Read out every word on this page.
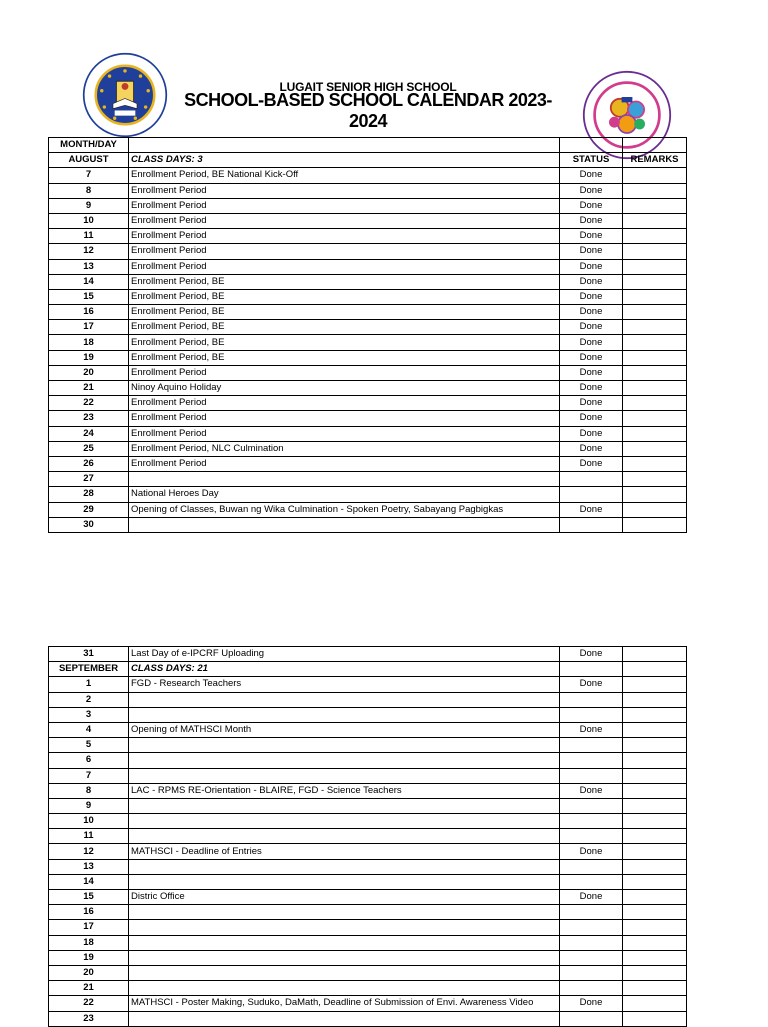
LUGAIT SENIOR HIGH SCHOOL
SCHOOL-BASED SCHOOL CALENDAR 2023-2024
MONTH/DAY			
AUGUST	CLASS DAYS: 3	STATUS	REMARKS
7	Enrollment Period, BE National Kick-Off	Done	
8	Enrollment Period	Done	
9	Enrollment Period	Done	
10	Enrollment Period	Done	
11	Enrollment Period	Done	
12	Enrollment Period	Done	
13	Enrollment Period	Done	
14	Enrollment Period, BE	Done	
15	Enrollment Period, BE	Done	
16	Enrollment Period, BE	Done	
17	Enrollment Period, BE	Done	
18	Enrollment Period, BE	Done	
19	Enrollment Period, BE	Done	
20	Enrollment Period	Done	
21	Ninoy Aquino Holiday	Done	
22	Enrollment Period	Done	
23	Enrollment Period	Done	
24	Enrollment Period	Done	
25	Enrollment Period, NLC Culmination	Done	
26	Enrollment Period	Done	
27			
28	National Heroes Day		
29	Opening of Classes, Buwan ng Wika Culmination - Spoken Poetry, Sabayang Pagbigkas	Done	
30			
31	Last Day of e-IPCRF Uploading	Done	
SEPTEMBER	CLASS DAYS: 21		
1	FGD - Research Teachers	Done	
2			
3			
4	Opening of MATHSCI Month	Done	
5			
6			
7			
8	LAC - RPMS RE-Orientation - BLAIRE, FGD - Science Teachers	Done	
9			
10			
11			
12	MATHSCI - Deadline of Entries	Done	
13			
14			
15	Distric Office	Done	
16			
17			
18			
19			
20			
21			
22	MATHSCI - Poster Making, Suduko, DaMath, Deadline of Submission of Envi. Awareness Video	Done	
23			
